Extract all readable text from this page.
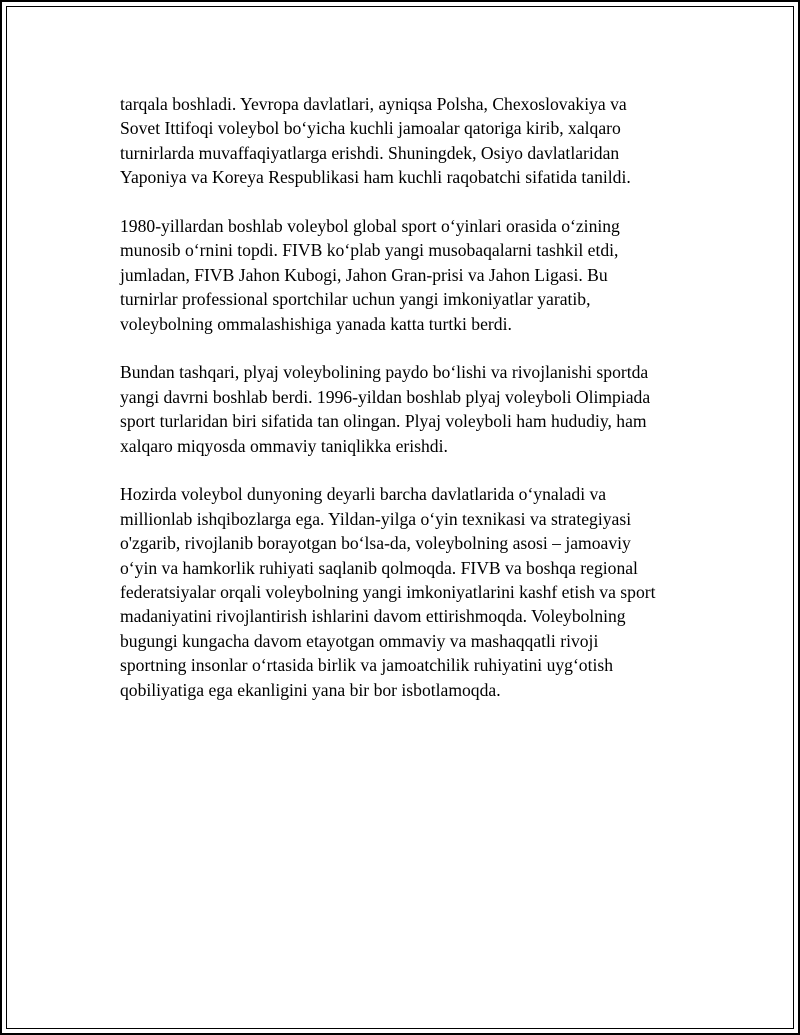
tarqala boshladi. Yevropa davlatlari, ayniqsa Polsha, Chexoslovakiya va
Sovet Ittifoqi voleybol bo‘yicha kuchli jamoalar qatoriga kirib, xalqaro
turnirlarda muvaffaqiyatlarga erishdi. Shuningdek, Osiyo davlatlaridan
Yaponiya va Koreya Respublikasi ham kuchli raqobatchi sifatida tanildi.

1980-yillardan boshlab voleybol global sport o‘yinlari orasida o‘zining
munosib o‘rnini topdi. FIVB ko‘plab yangi musobaqalarni tashkil etdi,
jumladan, FIVB Jahon Kubogi, Jahon Gran-prisi va Jahon Ligasi. Bu
turnirlar professional sportchilar uchun yangi imkoniyatlar yaratib,
voleybolning ommalashishiga yanada katta turtki berdi.

Bundan tashqari, plyaj voleybolining paydo bo‘lishi va rivojlanishi sportda
yangi davrni boshlab berdi. 1996-yildan boshlab plyaj voleyboli Olimpiada
sport turlaridan biri sifatida tan olingan. Plyaj voleyboli ham hududiy, ham
xalqaro miqyosda ommaviy taniqlikka erishdi.

Hozirda voleybol dunyoning deyarli barcha davlatlarida o‘ynaladi va
millionlab ishqibozlarga ega. Yildan-yilga o‘yin texnikasi va strategiyasi
o'zgarib, rivojlanib borayotgan bo‘lsa-da, voleybolning asosi – jamoaviy
o‘yin va hamkorlik ruhiyati saqlanib qolmoqda. FIVB va boshqa regional
federatsiyalar orqali voleybolning yangi imkoniyatlarini kashf etish va sport
madaniyatini rivojlantirish ishlarini davom ettirishmoqda. Voleybolning
bugungi kungacha davom etayotgan ommaviy va mashaqqatli rivoji
sportning insonlar o‘rtasida birlik va jamoatchilik ruhiyatini uyg‘otish
qobiliyatiga ega ekanligini yana bir bor isbotlamoqda.
